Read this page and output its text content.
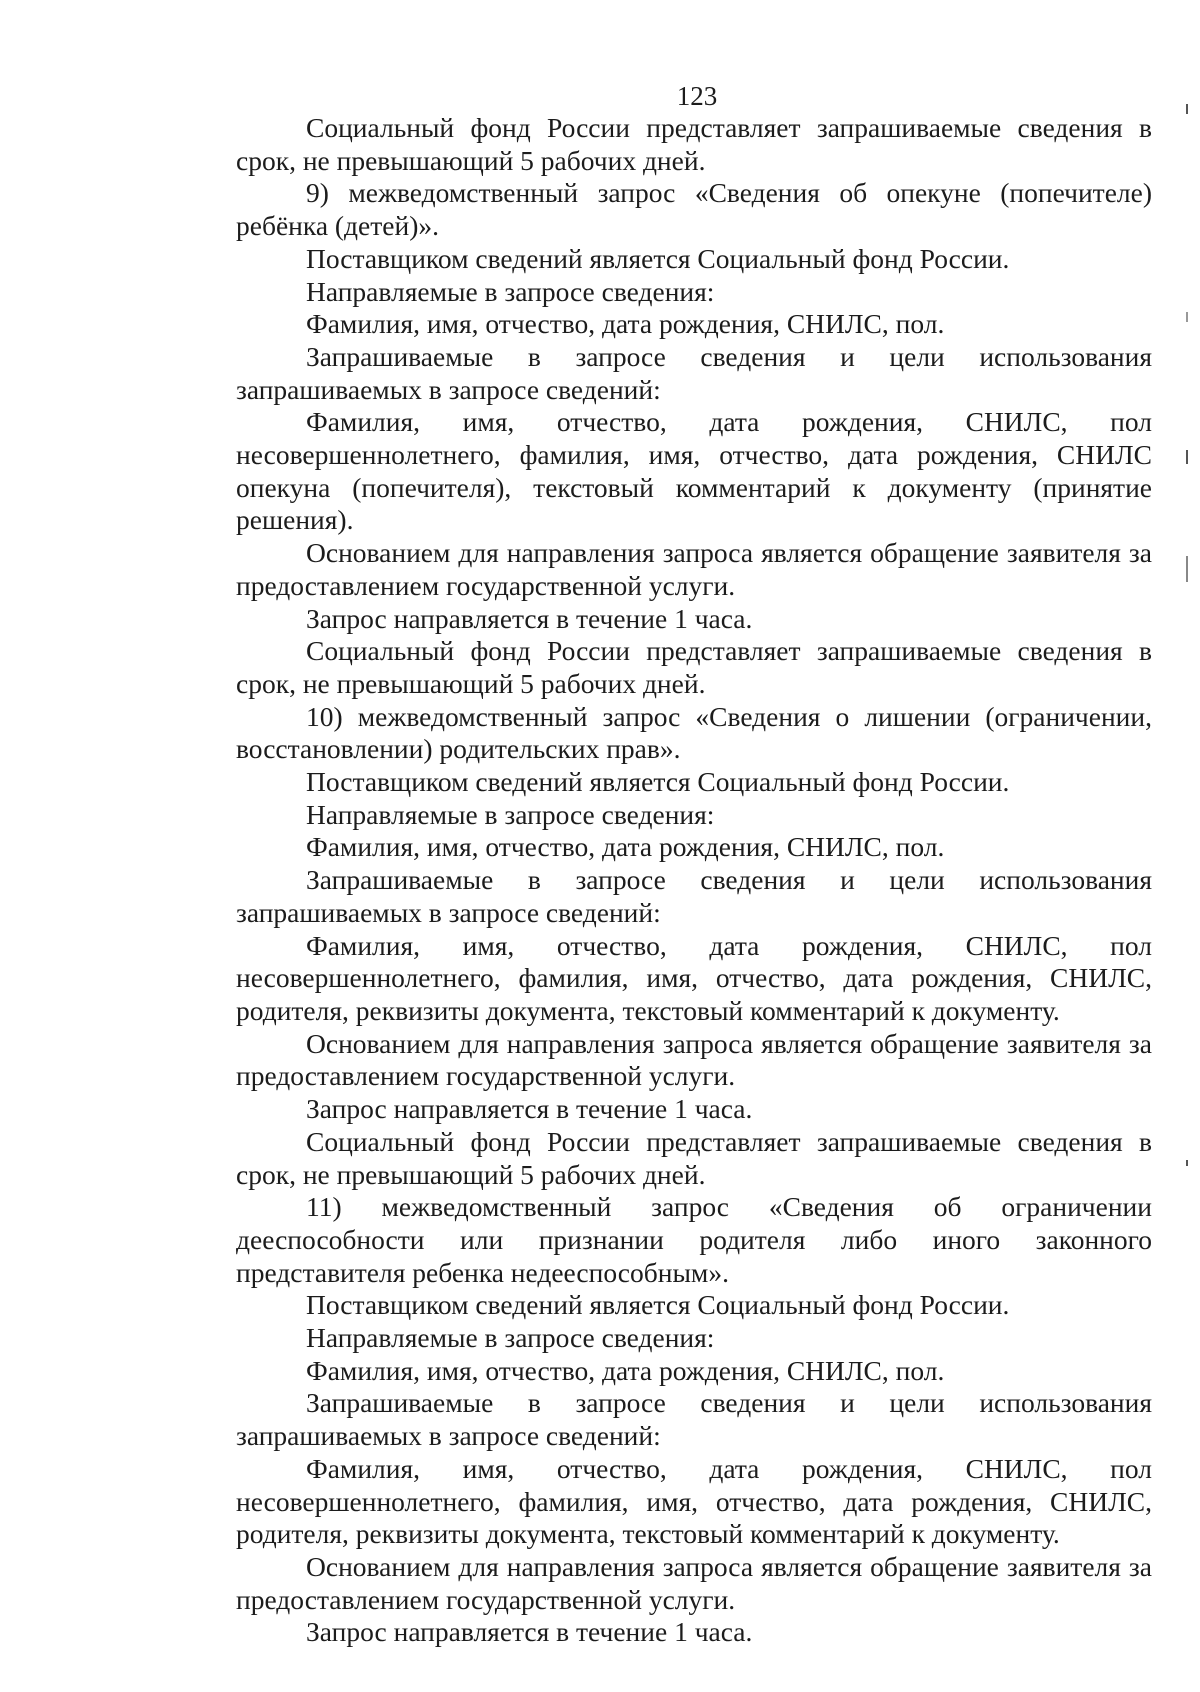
123

Социальный фонд России представляет запрашиваемые сведения в срок, не превышающий 5 рабочих дней.

9) межведомственный запрос «Сведения об опекуне (попечителе) ребёнка (детей)».

Поставщиком сведений является Социальный фонд России.

Направляемые в запросе сведения:

Фамилия, имя, отчество, дата рождения, СНИЛС, пол.

Запрашиваемые в запросе сведения и цели использования запрашиваемых в запросе сведений:

Фамилия, имя, отчество, дата рождения, СНИЛС, пол несовершеннолетнего, фамилия, имя, отчество, дата рождения, СНИЛС опекуна (попечителя), текстовый комментарий к документу (принятие решения).

Основанием для направления запроса является обращение заявителя за предоставлением государственной услуги.

Запрос направляется в течение 1 часа.

Социальный фонд России представляет запрашиваемые сведения в срок, не превышающий 5 рабочих дней.

10) межведомственный запрос «Сведения о лишении (ограничении, восстановлении) родительских прав».

Поставщиком сведений является Социальный фонд России.

Направляемые в запросе сведения:

Фамилия, имя, отчество, дата рождения, СНИЛС, пол.

Запрашиваемые в запросе сведения и цели использования запрашиваемых в запросе сведений:

Фамилия, имя, отчество, дата рождения, СНИЛС, пол несовершеннолетнего, фамилия, имя, отчество, дата рождения, СНИЛС, родителя, реквизиты документа, текстовый комментарий к документу.

Основанием для направления запроса является обращение заявителя за предоставлением государственной услуги.

Запрос направляется в течение 1 часа.

Социальный фонд России представляет запрашиваемые сведения в срок, не превышающий 5 рабочих дней.

11) межведомственный запрос «Сведения об ограничении дееспособности или признании родителя либо иного законного представителя ребенка недееспособным».

Поставщиком сведений является Социальный фонд России.

Направляемые в запросе сведения:

Фамилия, имя, отчество, дата рождения, СНИЛС, пол.

Запрашиваемые в запросе сведения и цели использования запрашиваемых в запросе сведений:

Фамилия, имя, отчество, дата рождения, СНИЛС, пол несовершеннолетнего, фамилия, имя, отчество, дата рождения, СНИЛС, родителя, реквизиты документа, текстовый комментарий к документу.

Основанием для направления запроса является обращение заявителя за предоставлением государственной услуги.

Запрос направляется в течение 1 часа.
